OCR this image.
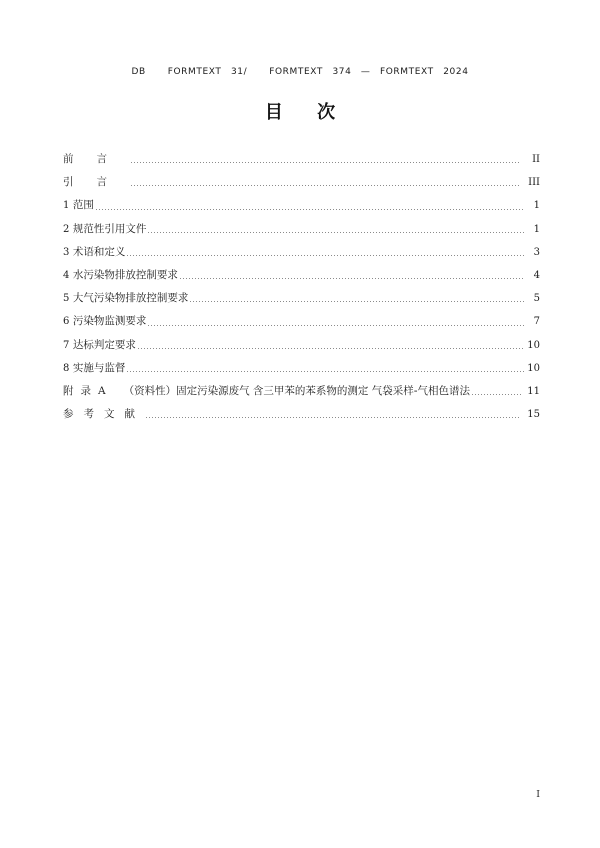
DB FORMTEXT 31/ FORMTEXT 374 — FORMTEXT 2024
目 次
前言	II
引言	III
1 范围	1
2 规范性引用文件	1
3 术语和定义	3
4 水污染物排放控制要求	4
5 大气污染物排放控制要求	5
6 污染物监测要求	7
7 达标判定要求	10
8 实施与监督	10
附录A （资料性）固定污染源废气 含三甲苯的苯系物的测定 气袋采样-气相色谱法	11
参考文献	15
I
